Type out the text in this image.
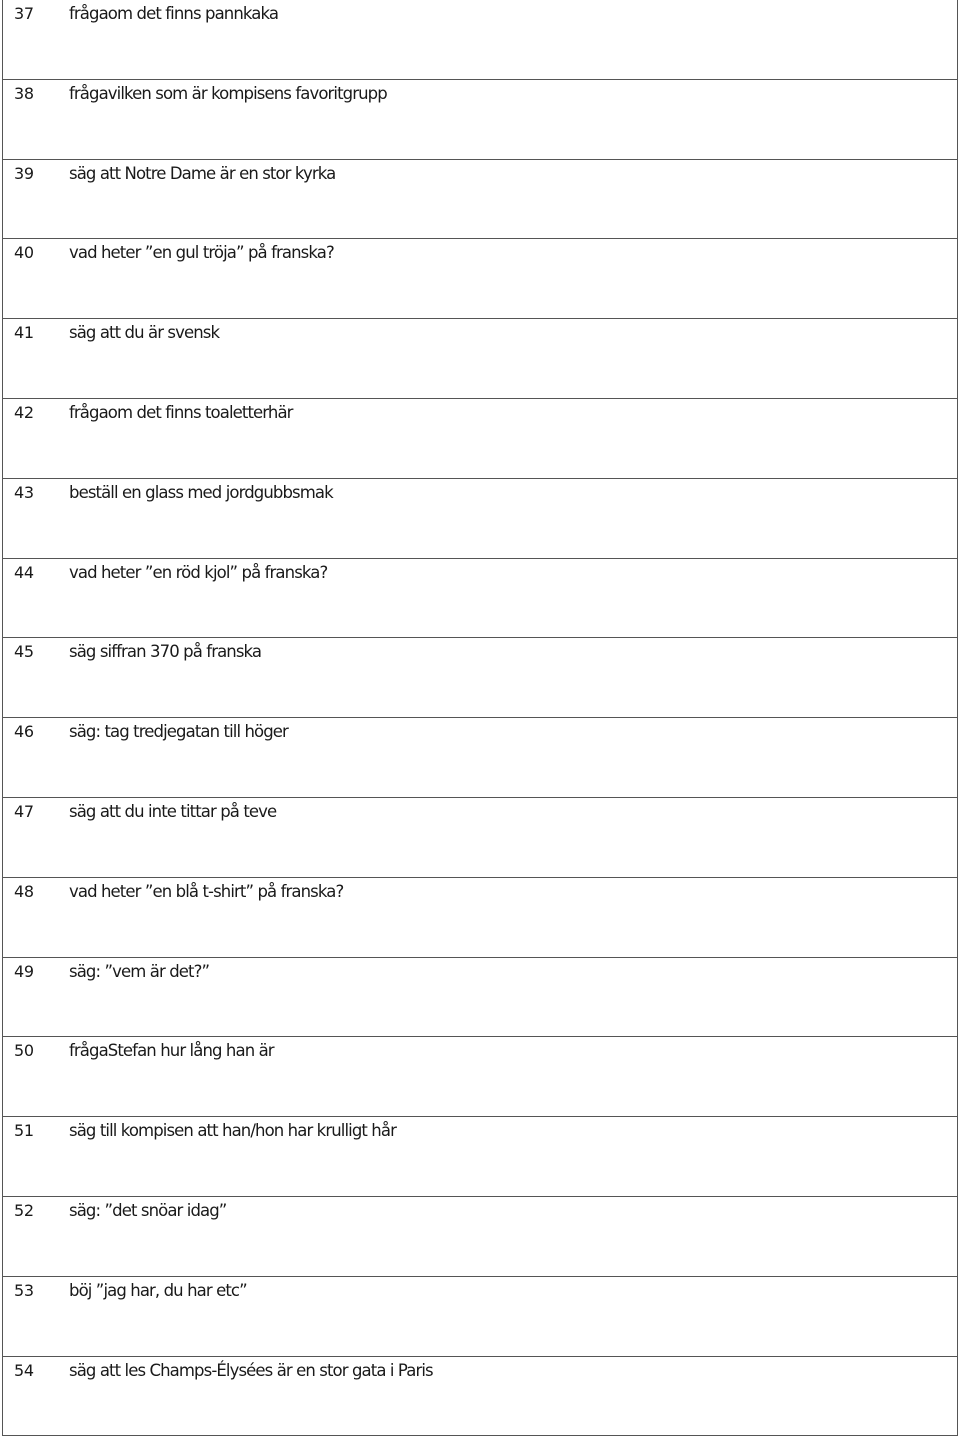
37 frågaom det finns pannkaka
38 frågavilken som är kompisens favoritgrupp
39 säg att Notre Dame är en stor kyrka
40 vad heter ”en gul tröja” på franska?
41 säg att du är svensk
42 frågaom det finns toaletterhär
43 beställ en glass med jordgubbsmak
44 vad heter ”en röd kjol” på franska?
45 säg siffran 370 på franska
46 säg: tag tredjegatan till höger
47 säg att du inte tittar på teve
48 vad heter ”en blå t-shirt” på franska?
49 säg: ”vem är det?”
50 frågaStefan hur lång han är
51 säg till kompisen att han/hon har krulligt hår
52 säg: ”det snöar idag”
53 böj ”jag har, du har etc”
54 säg att les Champs-Élysées är en stor gata i Paris
